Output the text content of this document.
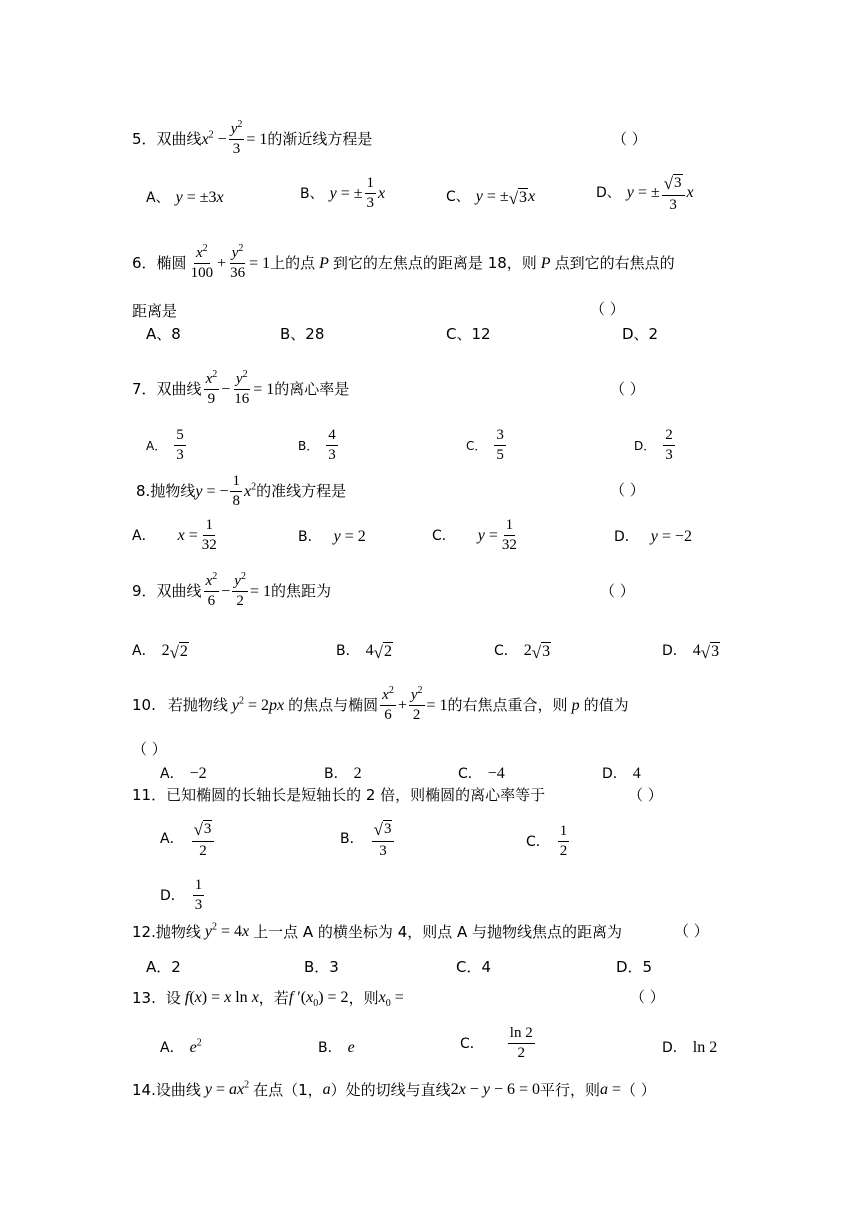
5． 双曲线 $x^2 - \frac{y^2}{3} = 1$ 的渐近线方程是	（ ）
A、 y = ±3x	B、 y = ± $\frac{1}{3}$ x	C、 y = ± √ 3 x	D、 y = ± $\frac{√ 3}{3}$ x
6． 椭圆 $\frac{x^2}{100} + \frac{y^2}{36} = 1$ 上的点 P 到它的左焦点的距离是 18，则 P 点到它的右焦点的
距离是	（ ）
A、8	B、28	C、12	D、2
7． 双曲线 $\frac{x^2}{9} - \frac{y^2}{16} = 1$ 的离心率是	（ ）
A． $\frac{5}{3}$	B． $\frac{4}{3}$	C． $\frac{3}{5}$	D． $\frac{2}{3}$
8. 抛物线 y = − $\frac{1}{8} x^2$ 的准线方程是	（ ）
A． $x = \frac{1}{32}$	B． y = 2	C． $y = \frac{1}{32}$	D． y = −2
9． 双曲线 $\frac{x^2}{6} - \frac{y^2}{2} = 1$ 的焦距为	（ ）
A． 2 √ 2	B． 4 √ 2	C． 2 √ 3	D． 4 √ 3
10. 若抛物线 $y^2 = 2px$ 的焦点与椭圆 $\frac{x^2}{6} + \frac{y^2}{2} = 1$ 的右焦点重合，则 p 的值为
（ ）
A． −2	B． 2	C． −4	D． 4
11．已知椭圆的长轴长是短轴长的 2 倍，则椭圆的离心率等于	（ ）
A． $\frac{√ 3}{2}$	B． $\frac{√ 3}{3}$	C． $\frac{1}{2}$
D． $\frac{1}{3}$
12. 抛物线 $y^2 = 4x$ 上一点 A 的横坐标为 4，则点 A 与抛物线焦点的距离为	（ ）
A．2	B．3	C．4	D．5
13. 设 f(x) = x ln x ，若 f $'(x_0) = 2$ ，则 $x_0$ =	（ ）
A． $e^2$	B． e	C． $\frac{\ln 2}{2}$	D． ln 2
14. 设曲线 $y = ax^2$ 在点（1， a ）处的切线与直线 2x − y − 6 = 0 平行，则 a = （ ）
